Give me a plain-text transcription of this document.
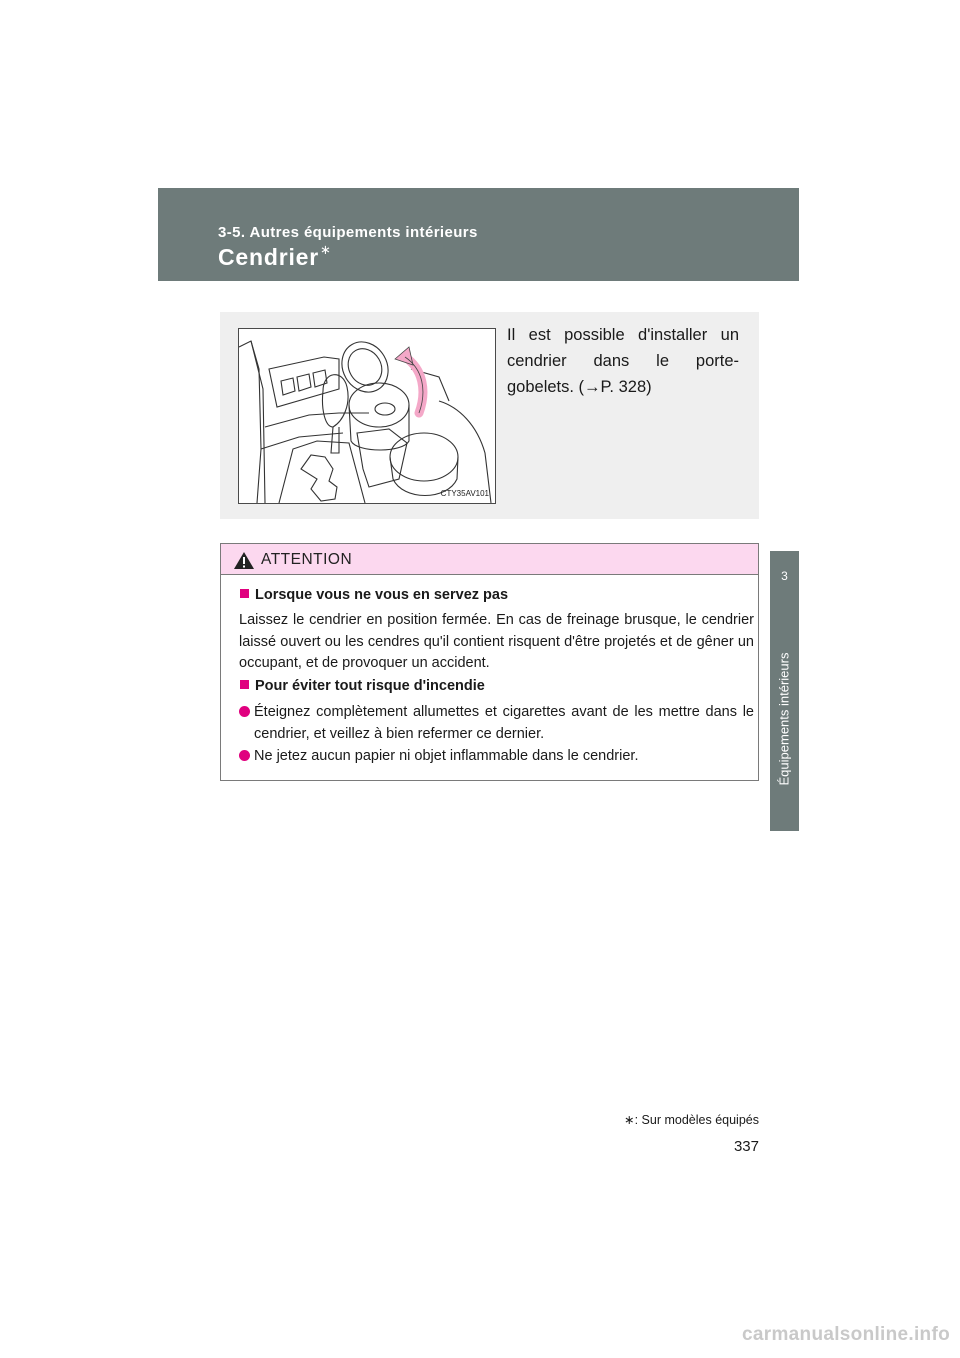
3-5. Autres équipements intérieurs
Cendrier∗
3
Équipements intérieurs
CTY35AV101
Il est possible d'installer un cendrier dans le porte-gobelets. (→P. 328)
ATTENTION
Lorsque vous ne vous en servez pas
Laissez le cendrier en position fermée. En cas de freinage brusque, le cendrier laissé ouvert ou les cendres qu'il contient risquent d'être projetés et de gêner un occupant, et de provoquer un accident.
Pour éviter tout risque d'incendie
Éteignez complètement allumettes et cigarettes avant de les mettre dans le cendrier, et veillez à bien refermer ce dernier.
Ne jetez aucun papier ni objet inflammable dans le cendrier.
∗: Sur modèles équipés
337
carmanualsonline.info
